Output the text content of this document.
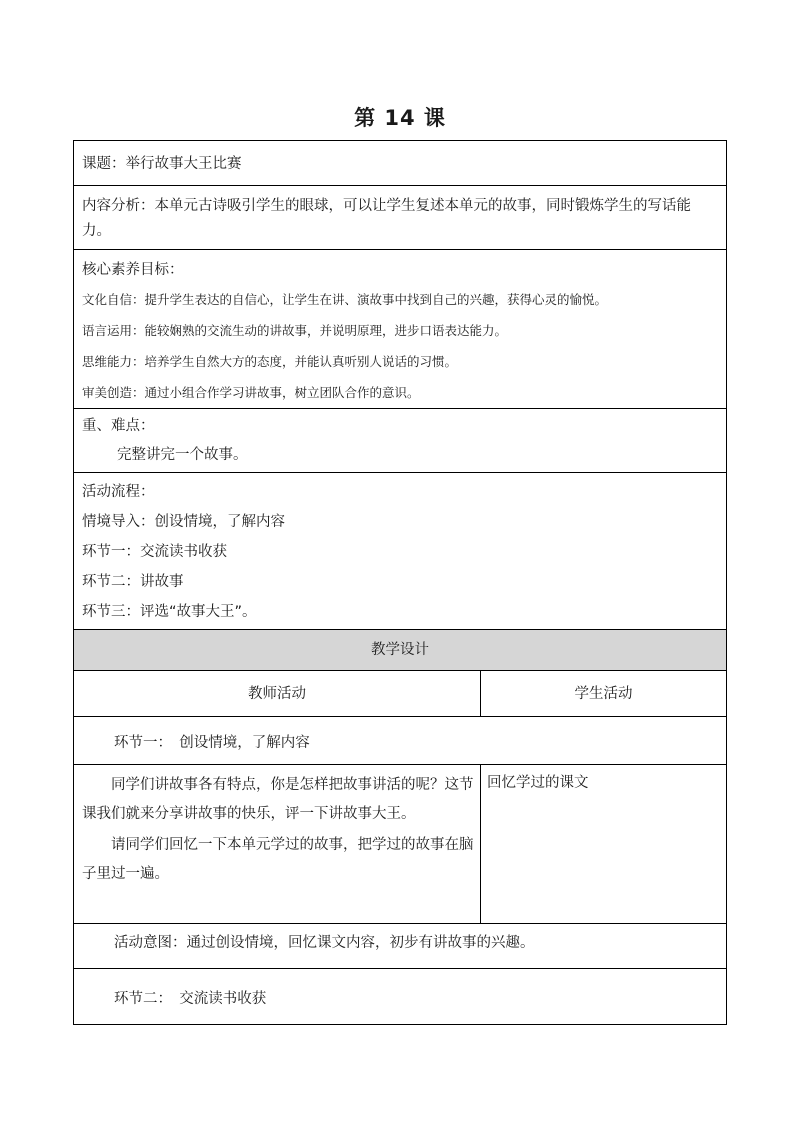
第 14 课
课题：举行故事大王比赛
内容分析：本单元古诗吸引学生的眼球，可以让学生复述本单元的故事，同时锻炼学生的写话能力。
核心素养目标：
文化自信：提升学生表达的自信心，让学生在讲、演故事中找到自己的兴趣，获得心灵的愉悦。
语言运用：能较娴熟的交流生动的讲故事，并说明原理，进步口语表达能力。
思维能力：培养学生自然大方的态度，并能认真听别人说话的习惯。
审美创造：通过小组合作学习讲故事，树立团队合作的意识。
重、难点：
完整讲完一个故事。
活动流程：
情境导入：创设情境，了解内容
环节一：交流读书收获
环节二：讲故事
环节三：评选“故事大王”。
教学设计
教师活动	学生活动
环节一：　创设情境，了解内容

同学们讲故事各有特点，你是怎样把故事讲活的呢？这节课我们就来分享讲故事的快乐，评一下讲故事大王。

请同学们回忆一下本单元学过的故事，把学过的故事在脑子里过一遍。

回忆学过的课文
活动意图：通过创设情境，回忆课文内容，初步有讲故事的兴趣。
环节二：　交流读书收获
